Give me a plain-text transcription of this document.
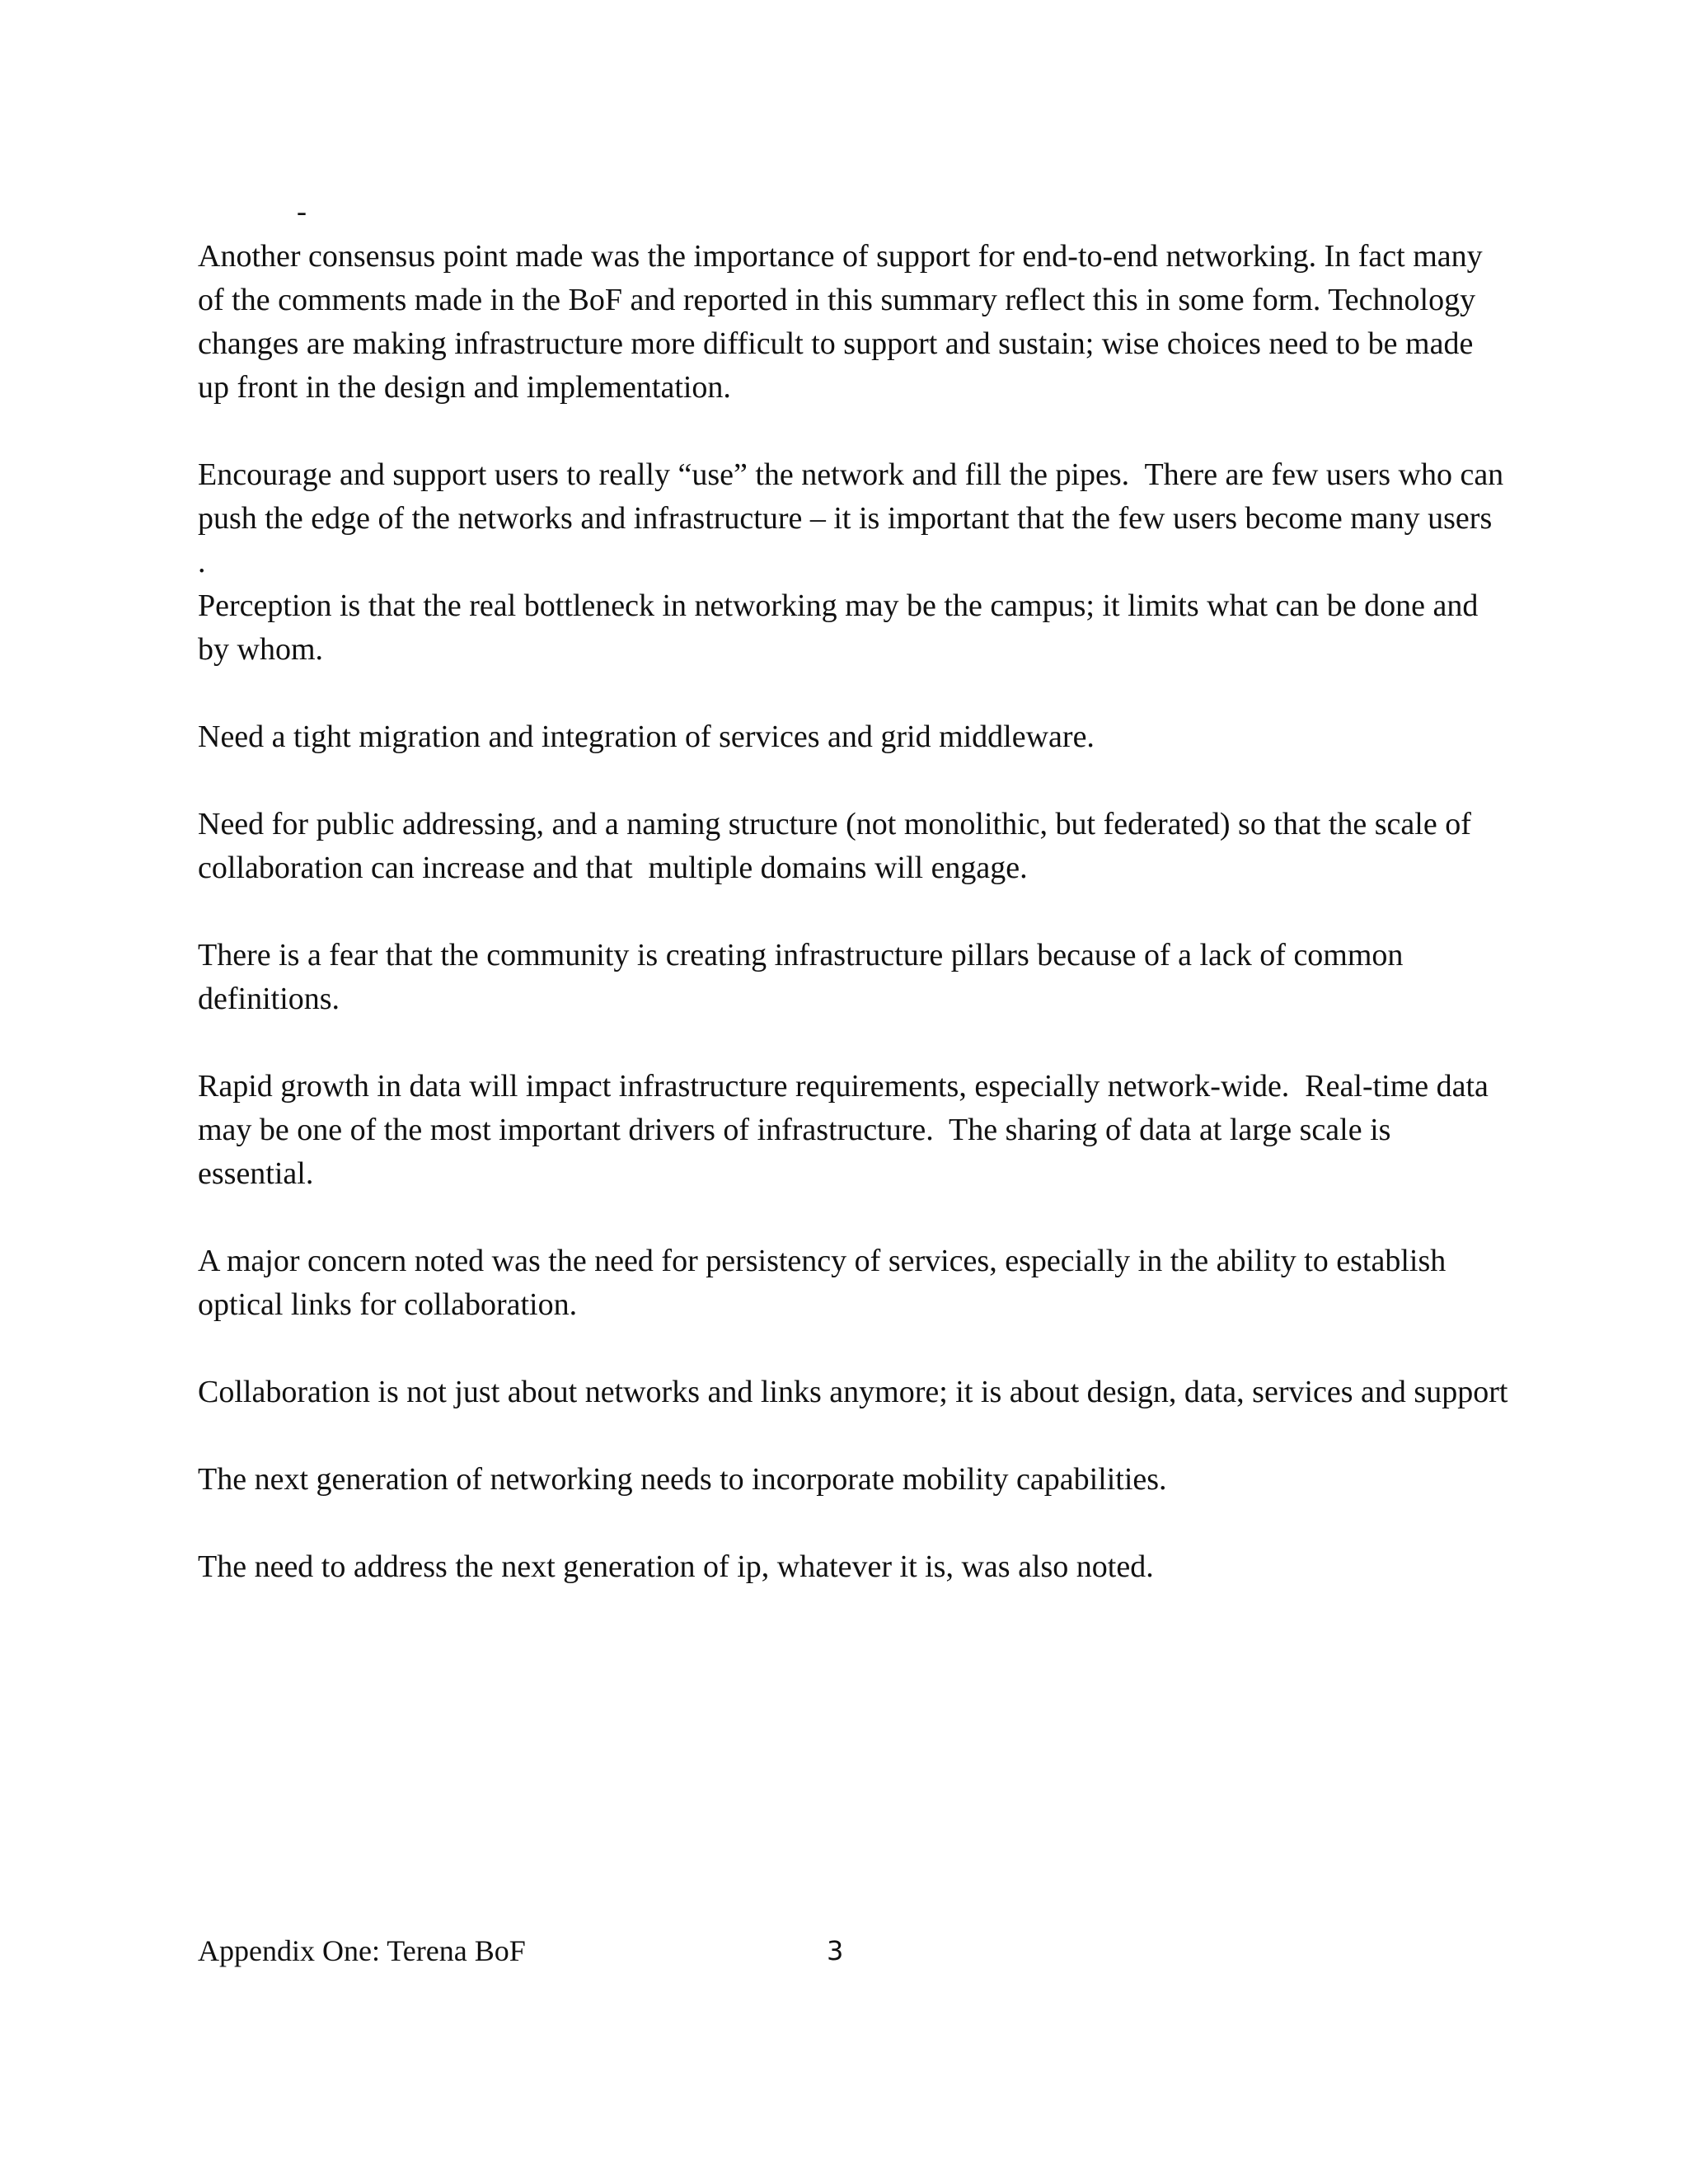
-

Another consensus point made was the importance of support for end-to-end networking. In fact many of the comments made in the BoF and reported in this summary reflect this in some form. Technology changes are making infrastructure more difficult to support and sustain; wise choices need to be made up front in the design and implementation.

Encourage and support users to really “use” the network and fill the pipes.  There are few users who can push the edge of the networks and infrastructure – it is important that the few users become many users

.

Perception is that the real bottleneck in networking may be the campus; it limits what can be done and by whom.

Need a tight migration and integration of services and grid middleware.

Need for public addressing, and a naming structure (not monolithic, but federated) so that the scale of collaboration can increase and that  multiple domains will engage.

There is a fear that the community is creating infrastructure pillars because of a lack of common definitions.

Rapid growth in data will impact infrastructure requirements, especially network-wide.  Real-time data may be one of the most important drivers of infrastructure.  The sharing of data at large scale is essential.

A major concern noted was the need for persistency of services, especially in the ability to establish optical links for collaboration.

Collaboration is not just about networks and links anymore; it is about design, data, services and support

The next generation of networking needs to incorporate mobility capabilities.

The need to address the next generation of ip, whatever it is, was also noted.

Appendix One: Terena BoF	3
